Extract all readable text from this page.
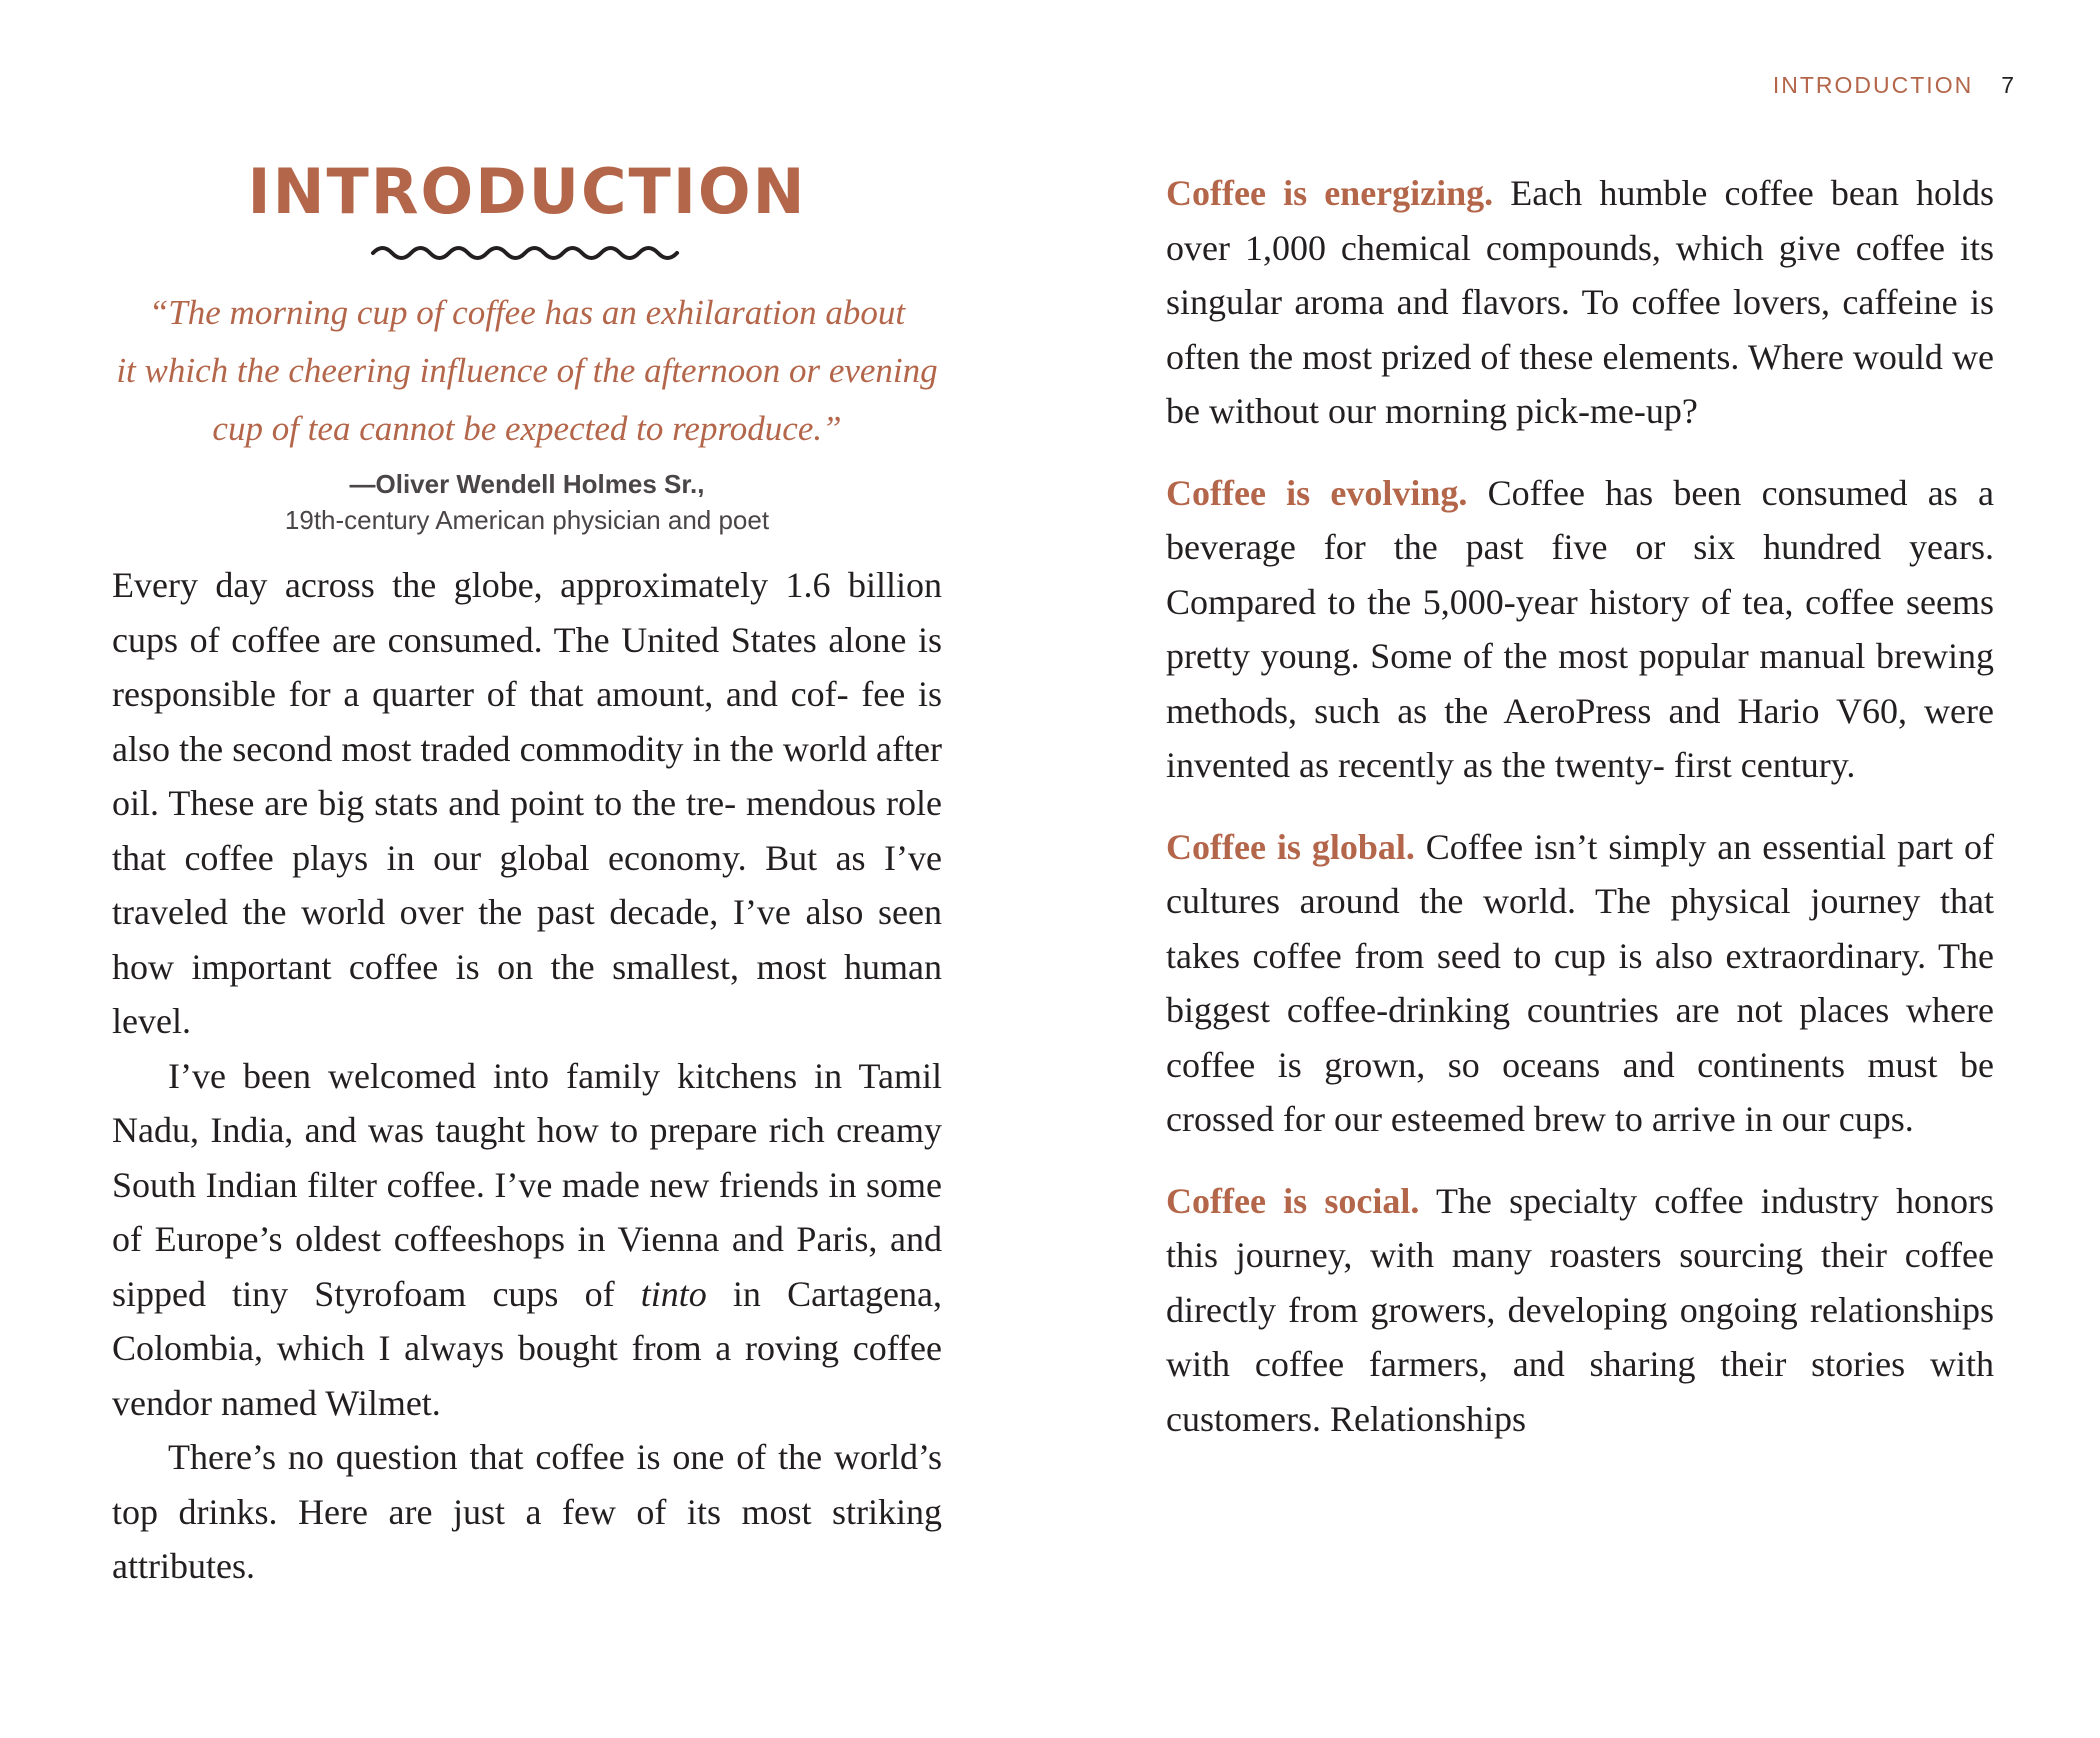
INTRODUCTION 7
INTRODUCTION
“The morning cup of coffee has an exhilaration about
it which the cheering influence of the afternoon or evening
cup of tea cannot be expected to reproduce.”
—Oliver Wendell Holmes Sr.,
19th-century American physician and poet

Every day across the globe, approximately 1.6 billion cups of coffee are consumed. The United States alone is responsible for a quarter of that amount, and cof- fee is also the second most traded commodity in the world after oil. These are big stats and point to the tre- mendous role that coffee plays in our global economy. But as I’ve traveled the world over the past decade, I’ve also seen how important coffee is on the smallest, most human level.

I’ve been welcomed into family kitchens in Tamil Nadu, India, and was taught how to prepare rich creamy South Indian filter coffee. I’ve made new friends in some of Europe’s oldest coffeeshops in Vienna and Paris, and sipped tiny Styrofoam cups of tinto in Cartagena, Colombia, which I always bought from a roving coffee vendor named Wilmet.

There’s no question that coffee is one of the world’s top drinks. Here are just a few of its most striking attributes.

Coffee is energizing. Each humble coffee bean holds over 1,000 chemical compounds, which give coffee its singular aroma and flavors. To coffee lovers, caffeine is often the most prized of these elements. Where would we be without our morning pick-me-up?

Coffee is evolving. Coffee has been consumed as a beverage for the past five or six hundred years. Compared to the 5,000-year history of tea, coffee seems pretty young. Some of the most popular manual brewing methods, such as the AeroPress and Hario V60, were invented as recently as the twenty- first century.

Coffee is global. Coffee isn’t simply an essential part of cultures around the world. The physical journey that takes coffee from seed to cup is also extraordinary. The biggest coffee-drinking countries are not places where coffee is grown, so oceans and continents must be crossed for our esteemed brew to arrive in our cups.

Coffee is social. The specialty coffee industry honors this journey, with many roasters sourcing their coffee directly from growers, developing ongoing relationships with coffee farmers, and sharing their stories with customers. Relationships
